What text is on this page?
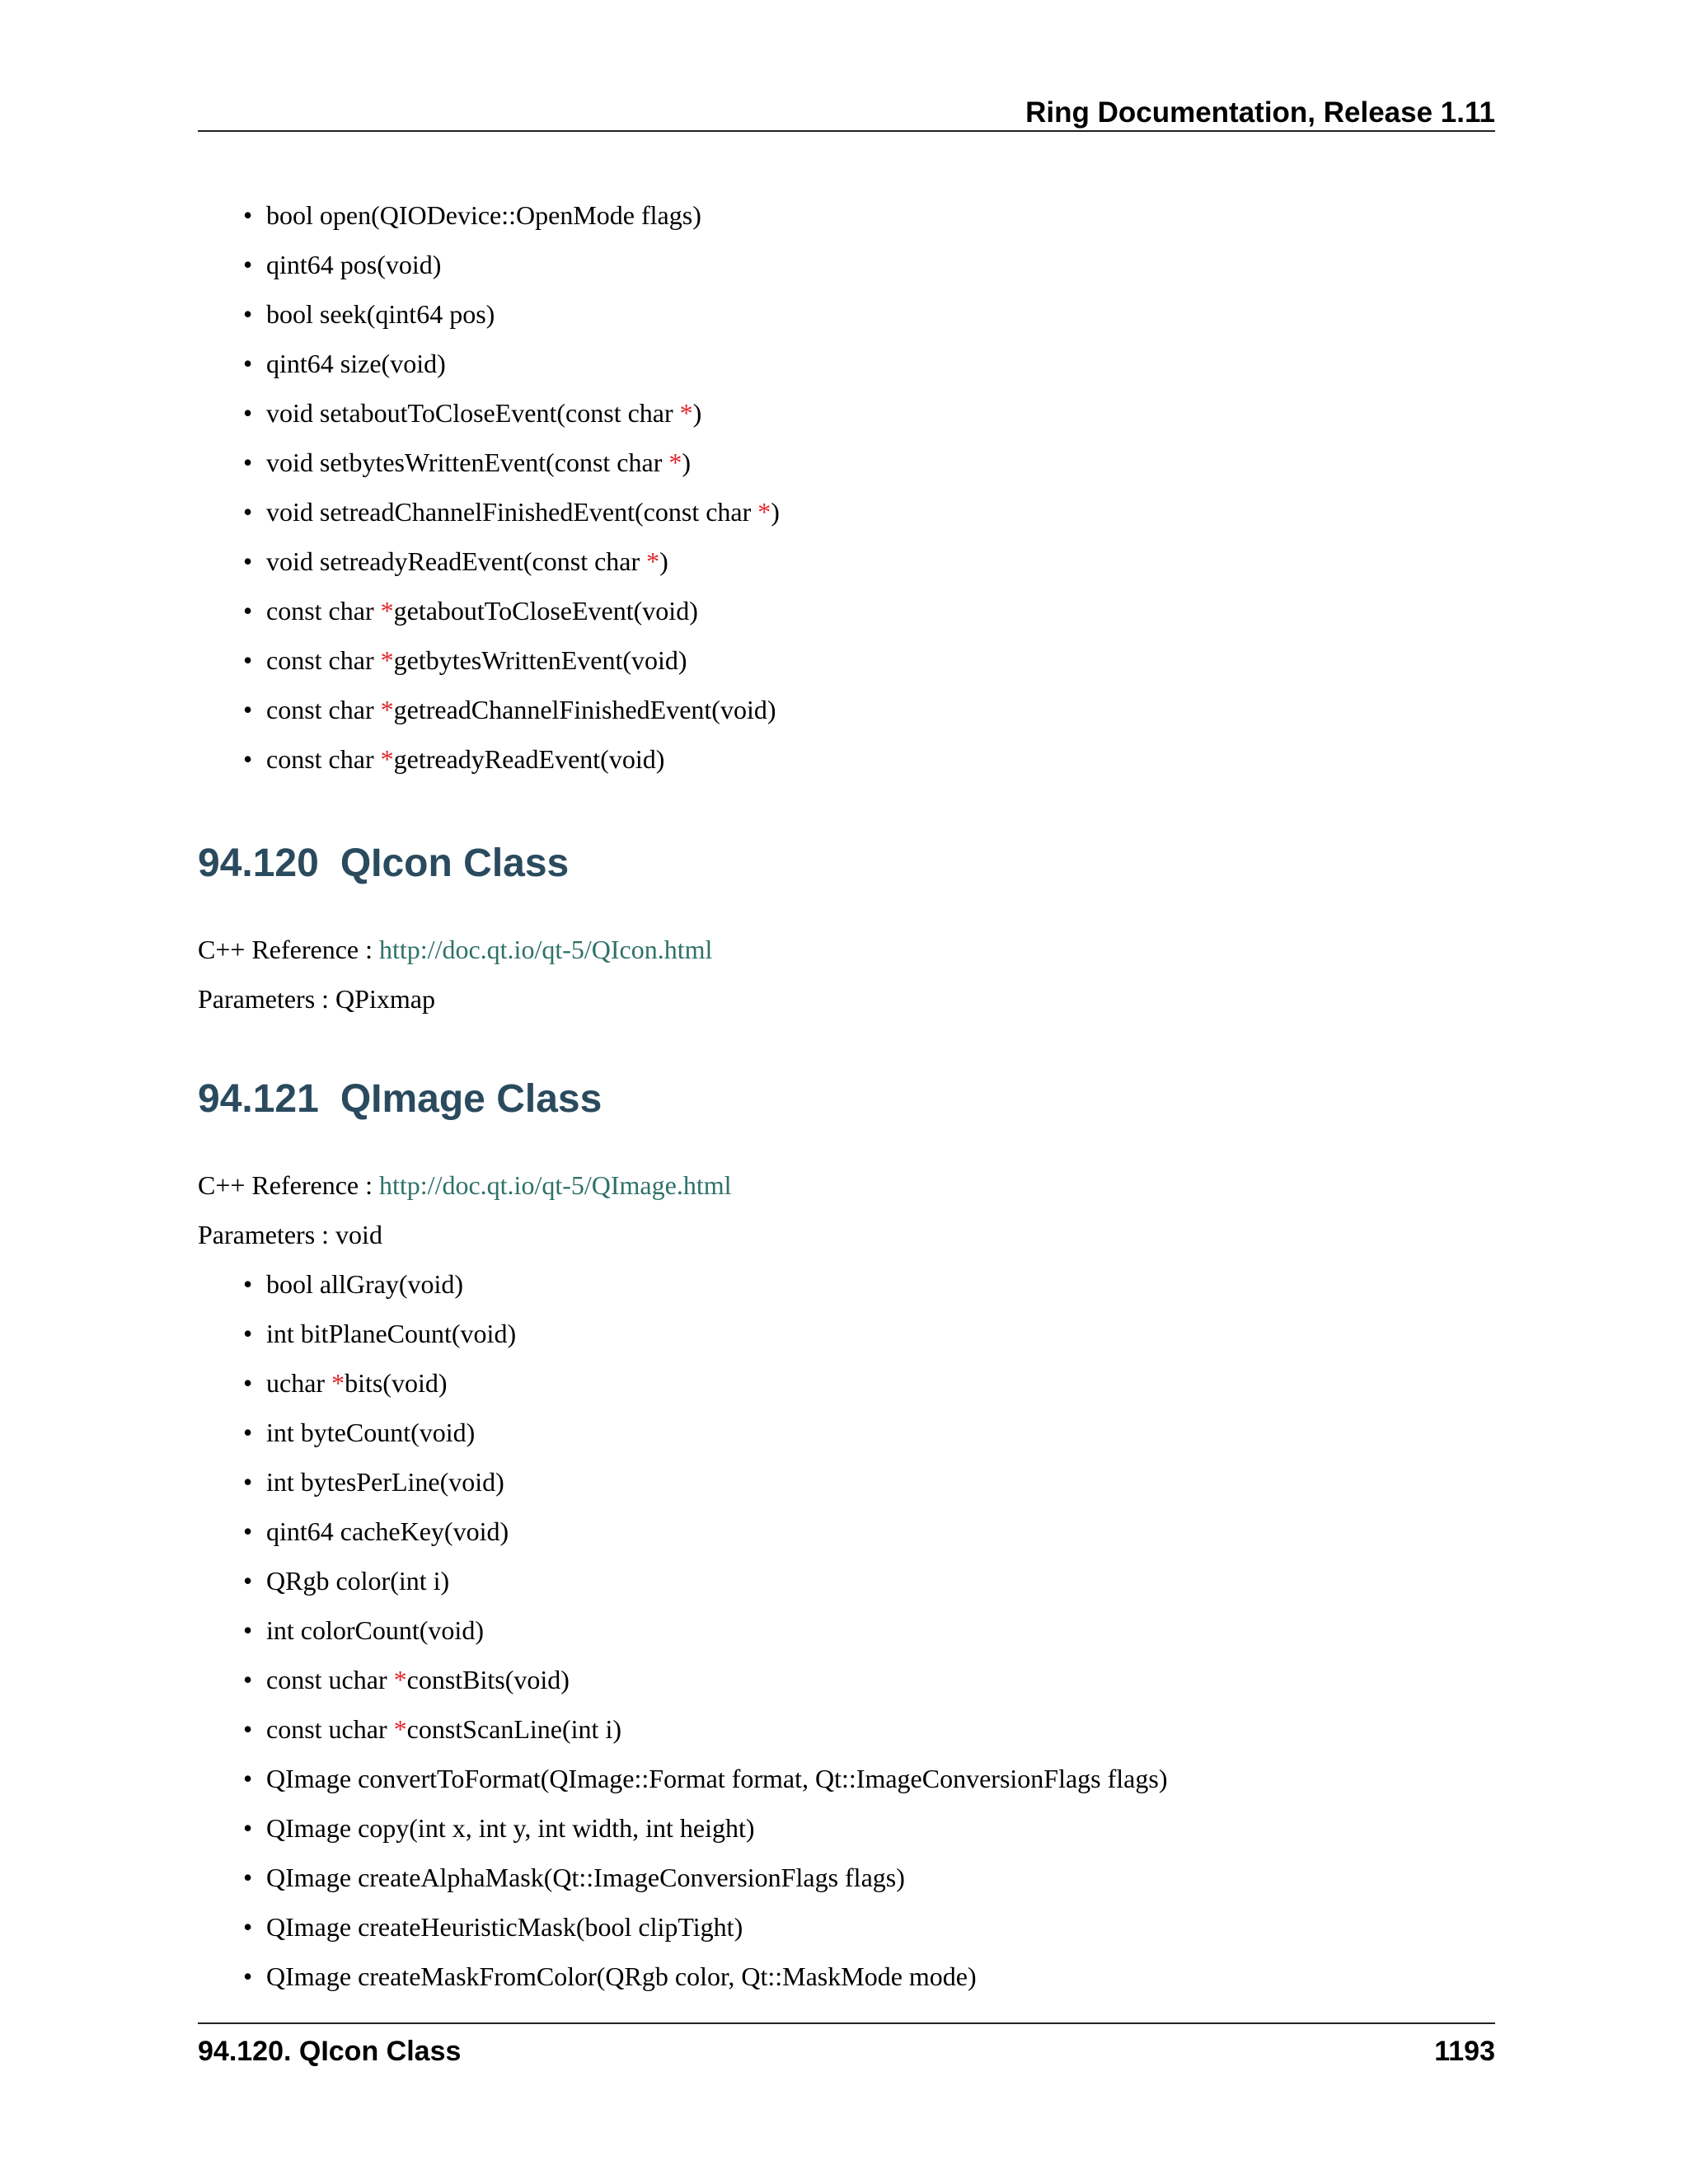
Ring Documentation, Release 1.11
• bool open(QIODevice::OpenMode flags)
• qint64 pos(void)
• bool seek(qint64 pos)
• qint64 size(void)
• void setaboutToCloseEvent(const char *)
• void setbytesWrittenEvent(const char *)
• void setreadChannelFinishedEvent(const char *)
• void setreadyReadEvent(const char *)
• const char *getaboutToCloseEvent(void)
• const char *getbytesWrittenEvent(void)
• const char *getreadChannelFinishedEvent(void)
• const char *getreadyReadEvent(void)
94.120 QIcon Class
C++ Reference : http://doc.qt.io/qt-5/QIcon.html
Parameters : QPixmap
94.121 QImage Class
C++ Reference : http://doc.qt.io/qt-5/QImage.html
Parameters : void
• bool allGray(void)
• int bitPlaneCount(void)
• uchar *bits(void)
• int byteCount(void)
• int bytesPerLine(void)
• qint64 cacheKey(void)
• QRgb color(int i)
• int colorCount(void)
• const uchar *constBits(void)
• const uchar *constScanLine(int i)
• QImage convertToFormat(QImage::Format format, Qt::ImageConversionFlags flags)
• QImage copy(int x, int y, int width, int height)
• QImage createAlphaMask(Qt::ImageConversionFlags flags)
• QImage createHeuristicMask(bool clipTight)
• QImage createMaskFromColor(QRgb color, Qt::MaskMode mode)
94.120. QIcon Class	1193
